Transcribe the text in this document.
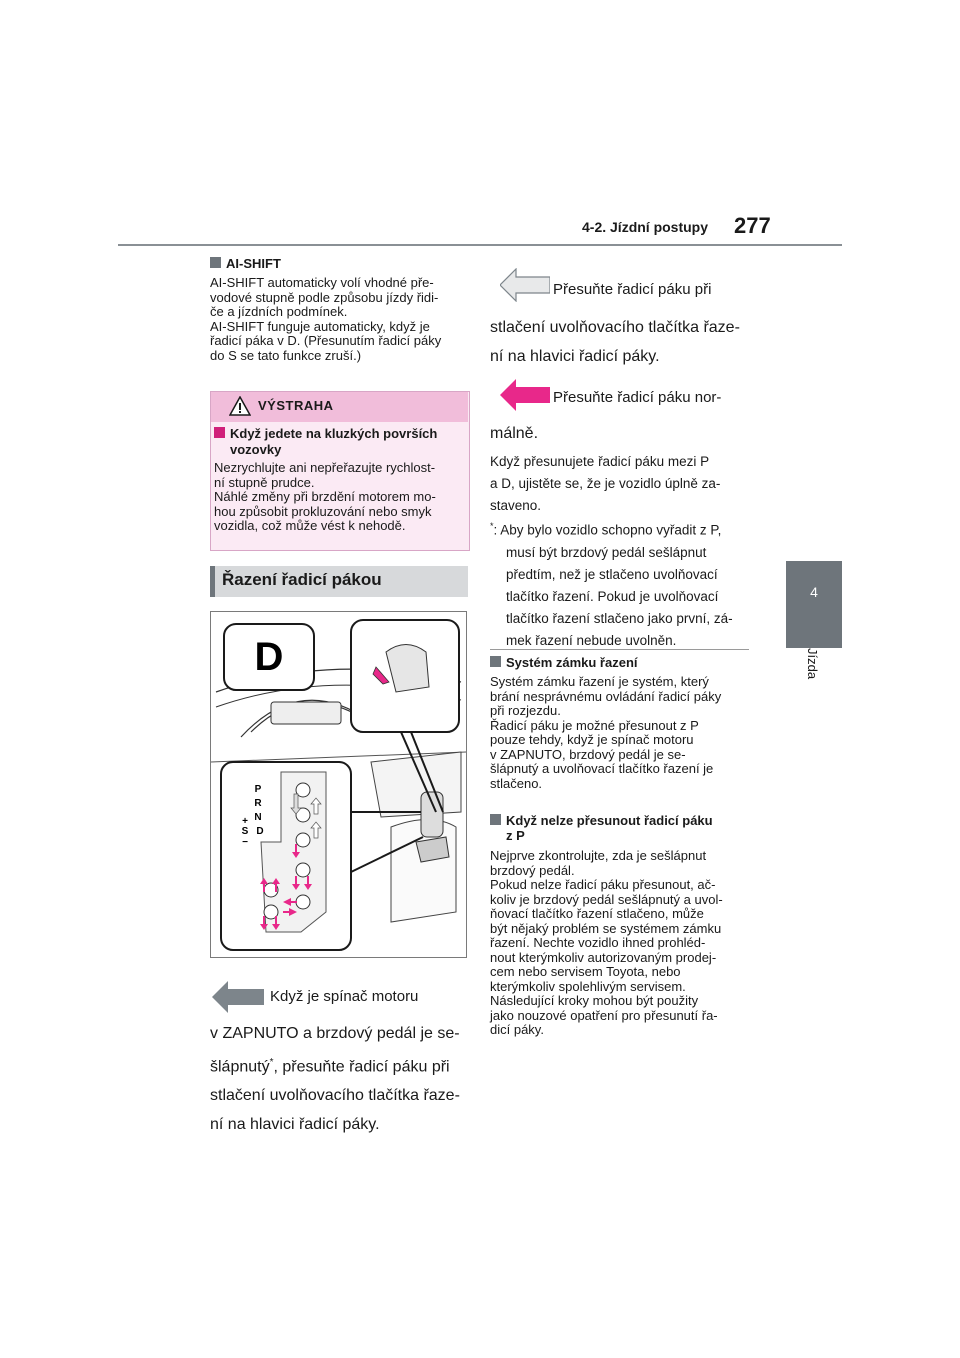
4-2. Jízdní postupy 277
4
Jízda
AI-SHIFT

AI-SHIFT automaticky volí vhodné pře-

vodové stupně podle způsobu jízdy řidi-

če a jízdních podmínek.

AI-SHIFT funguje automaticky, když je

řadicí páka v D. (Přesunutím řadicí páky

do S se tato funkce zruší.)

VÝSTRAHA
Když jedete na kluzkých površích
vozovky

Nezrychlujte ani nepřeřazujte rychlost-

ní stupně prudce.

Náhlé změny při brzdění motorem mo-

hou způsobit prokluzování nebo smyk

vozidla, což může vést k nehodě.

Řazení řadicí pákou
D
P
R
N
D
S
+
−
Když je spínač motoru

v ZAPNUTO a brzdový pedál je se-

šlápnutý*, přesuňte řadicí páku při

stlačení uvolňovacího tlačítka řaze-

ní na hlavici řadicí páky.

Přesuňte řadicí páku při

stlačení uvolňovacího tlačítka řaze-

ní na hlavici řadicí páky.

Přesuňte řadicí páku nor-

málně.

Když přesunujete řadicí páku mezi P

a D, ujistěte se, že je vozidlo úplně za-

staveno.

*: Aby bylo vozidlo schopno vyřadit z P,

musí být brzdový pedál sešlápnut

předtím, než je stlačeno uvolňovací

tlačítko řazení. Pokud je uvolňovací

tlačítko řazení stlačeno jako první, zá-

mek řazení nebude uvolněn.

Systém zámku řazení

Systém zámku řazení je systém, který

brání nesprávnému ovládání řadicí páky

při rozjezdu.

Řadicí páku je možné přesunout z P

pouze tehdy, když je spínač motoru

v ZAPNUTO, brzdový pedál je se-

šlápnutý a uvolňovací tlačítko řazení je

stlačeno.

Když nelze přesunout řadicí páku
z P

Nejprve zkontrolujte, zda je sešlápnut

brzdový pedál.

Pokud nelze řadicí páku přesunout, ač-

koliv je brzdový pedál sešlápnutý a uvol-

ňovací tlačítko řazení stlačeno, může

být nějaký problém se systémem zámku

řazení. Nechte vozidlo ihned prohléd-

nout kterýmkoliv autorizovaným prodej-

cem nebo servisem Toyota, nebo

kterýmkoliv spolehlivým servisem.

Následující kroky mohou být použity

jako nouzové opatření pro přesunutí řa-

dicí páky.
